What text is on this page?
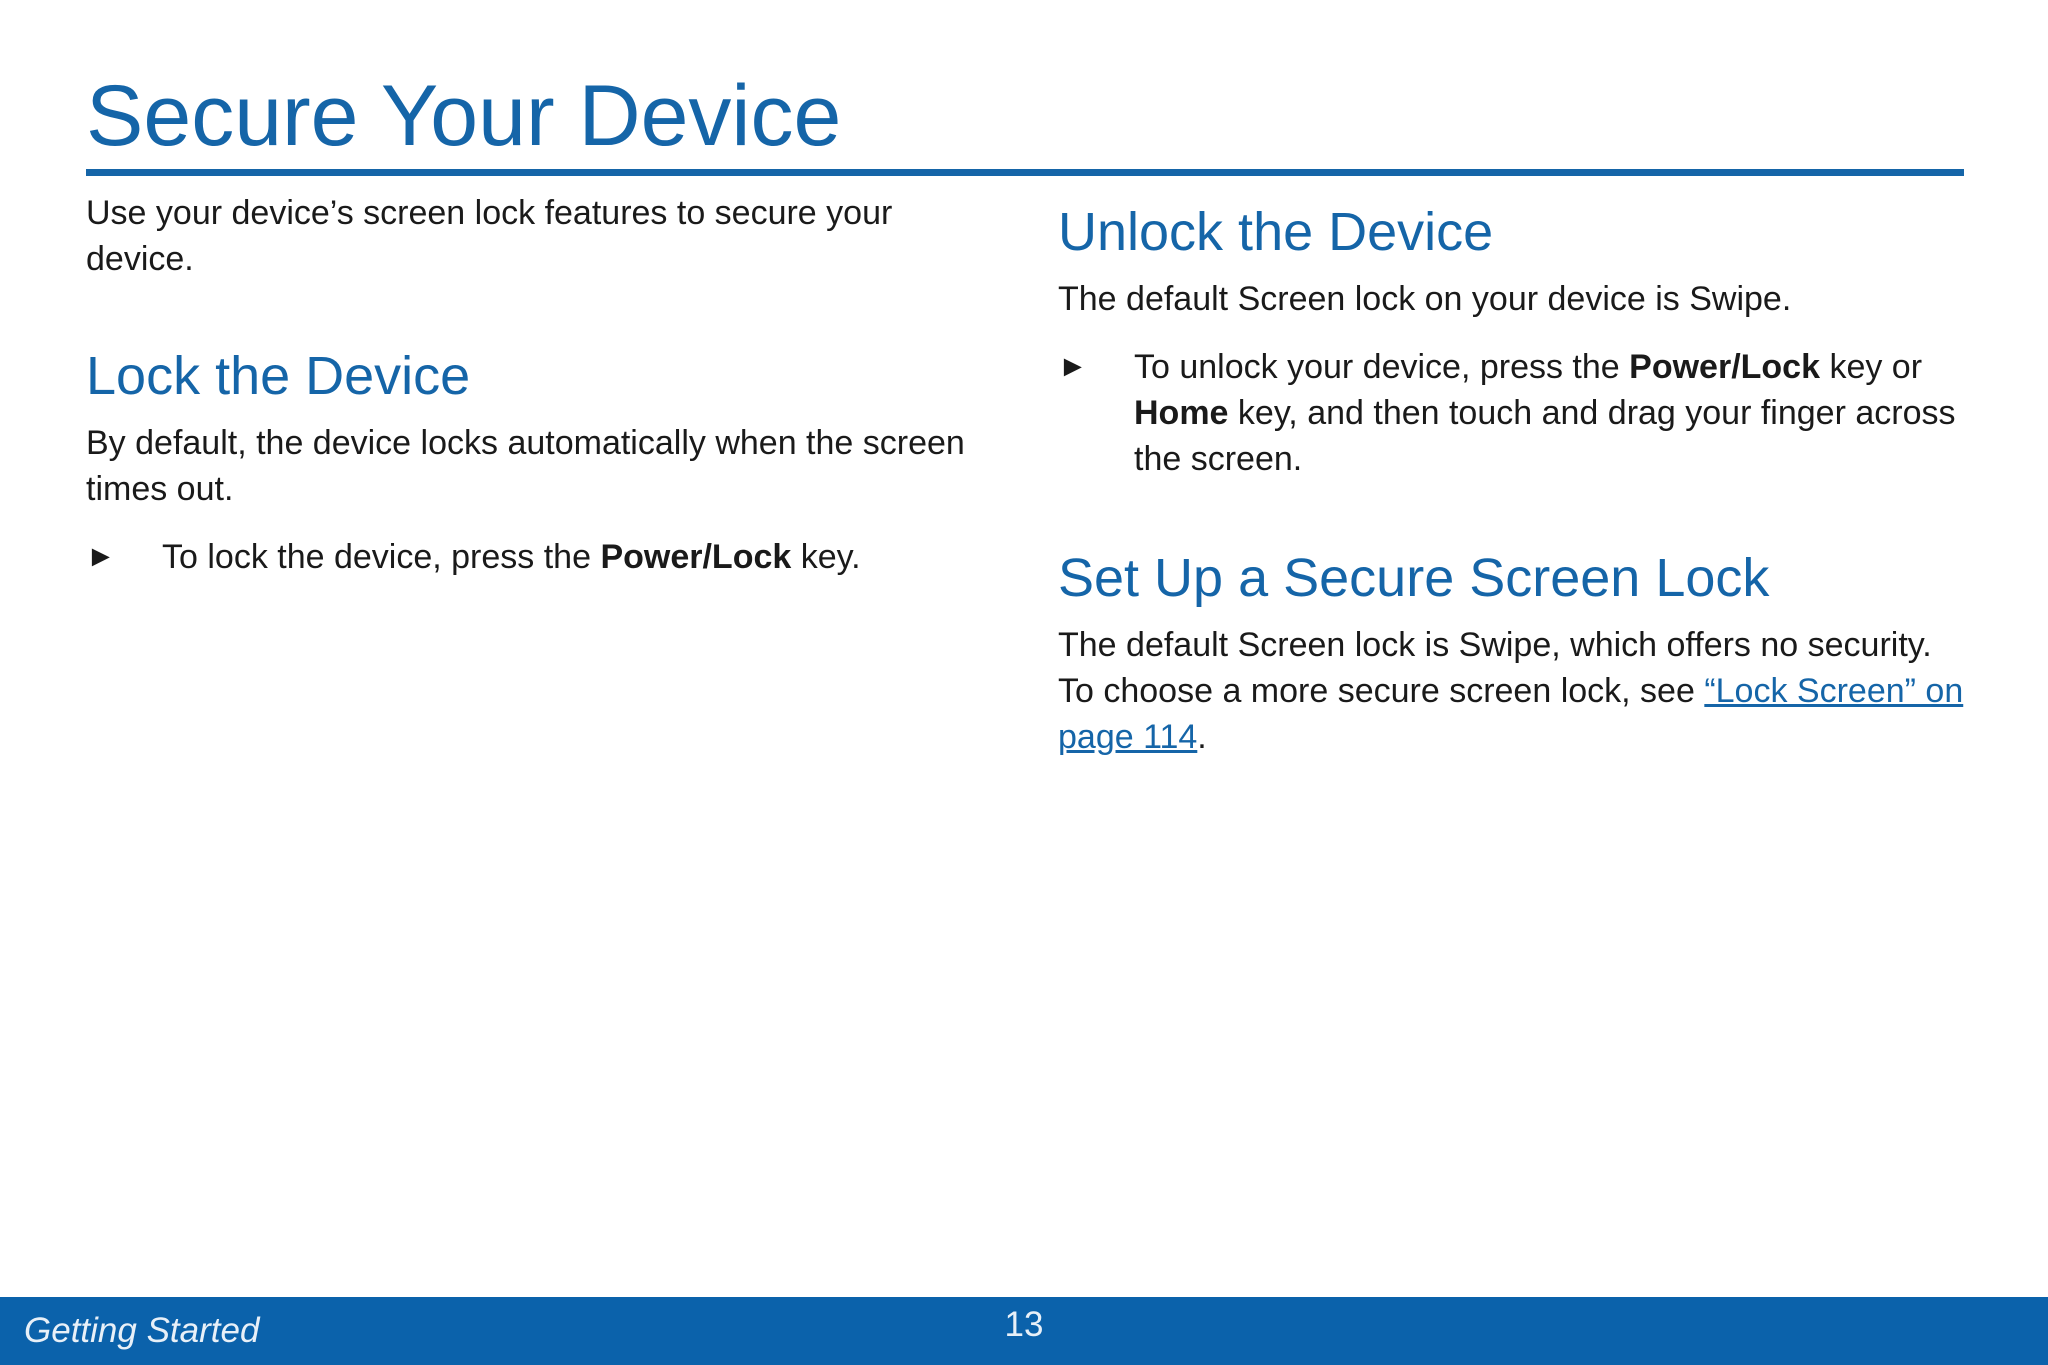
Secure Your Device

Use your device’s screen lock features to secure your device.

Lock the Device

By default, the device locks automatically when the screen times out.

►	To lock the device, press the Power/Lock key.

Unlock the Device

The default Screen lock on your device is Swipe.

►	To unlock your device, press the Power/Lock key or Home key, and then touch and drag your finger across the screen.

Set Up a Secure Screen Lock

The default Screen lock is Swipe, which offers no security. To choose a more secure screen lock, see “Lock Screen” on page 114.

Getting Started	13
